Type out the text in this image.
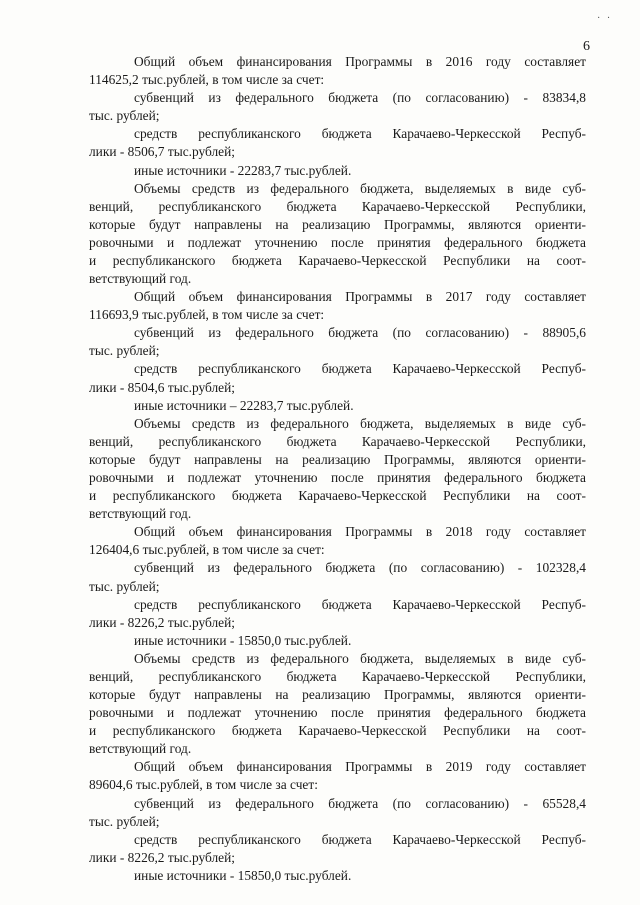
· ·
6
Общий объем финансирования Программы в 2016 году составляет
114625,2 тыс.рублей, в том числе за счет:
субвенций из федерального бюджета (по согласованию) - 83834,8
тыс. рублей;
средств республиканского бюджета Карачаево-Черкесской Респуб-
лики - 8506,7 тыс.рублей;
иные источники - 22283,7 тыс.рублей.
Объемы средств из федерального бюджета, выделяемых в виде суб-
венций, республиканского бюджета Карачаево-Черкесской Республики,
которые будут направлены на реализацию Программы, являются ориенти-
ровочными и подлежат уточнению после принятия федерального бюджета
и республиканского бюджета Карачаево-Черкесской Республики на соот-
ветствующий год.
Общий объем финансирования Программы в 2017 году составляет
116693,9 тыс.рублей, в том числе за счет:
субвенций из федерального бюджета (по согласованию) - 88905,6
тыс. рублей;
средств республиканского бюджета Карачаево-Черкесской Респуб-
лики - 8504,6 тыс.рублей;
иные источники – 22283,7 тыс.рублей.
Объемы средств из федерального бюджета, выделяемых в виде суб-
венций, республиканского бюджета Карачаево-Черкесской Республики,
которые будут направлены на реализацию Программы, являются ориенти-
ровочными и подлежат уточнению после принятия федерального бюджета
и республиканского бюджета Карачаево-Черкесской Республики на соот-
ветствующий год.
Общий объем финансирования Программы в 2018 году составляет
126404,6 тыс.рублей, в том числе за счет:
субвенций из федерального бюджета (по согласованию) - 102328,4
тыс. рублей;
средств республиканского бюджета Карачаево-Черкесской Респуб-
лики - 8226,2 тыс.рублей;
иные источники - 15850,0 тыс.рублей.
Объемы средств из федерального бюджета, выделяемых в виде суб-
венций, республиканского бюджета Карачаево-Черкесской Республики,
которые будут направлены на реализацию Программы, являются ориенти-
ровочными и подлежат уточнению после принятия федерального бюджета
и республиканского бюджета Карачаево-Черкесской Республики на соот-
ветствующий год.
Общий объем финансирования Программы в 2019 году составляет
89604,6 тыс.рублей, в том числе за счет:
субвенций из федерального бюджета (по согласованию) - 65528,4
тыс. рублей;
средств республиканского бюджета Карачаево-Черкесской Респуб-
лики - 8226,2 тыс.рублей;
иные источники - 15850,0 тыс.рублей.
